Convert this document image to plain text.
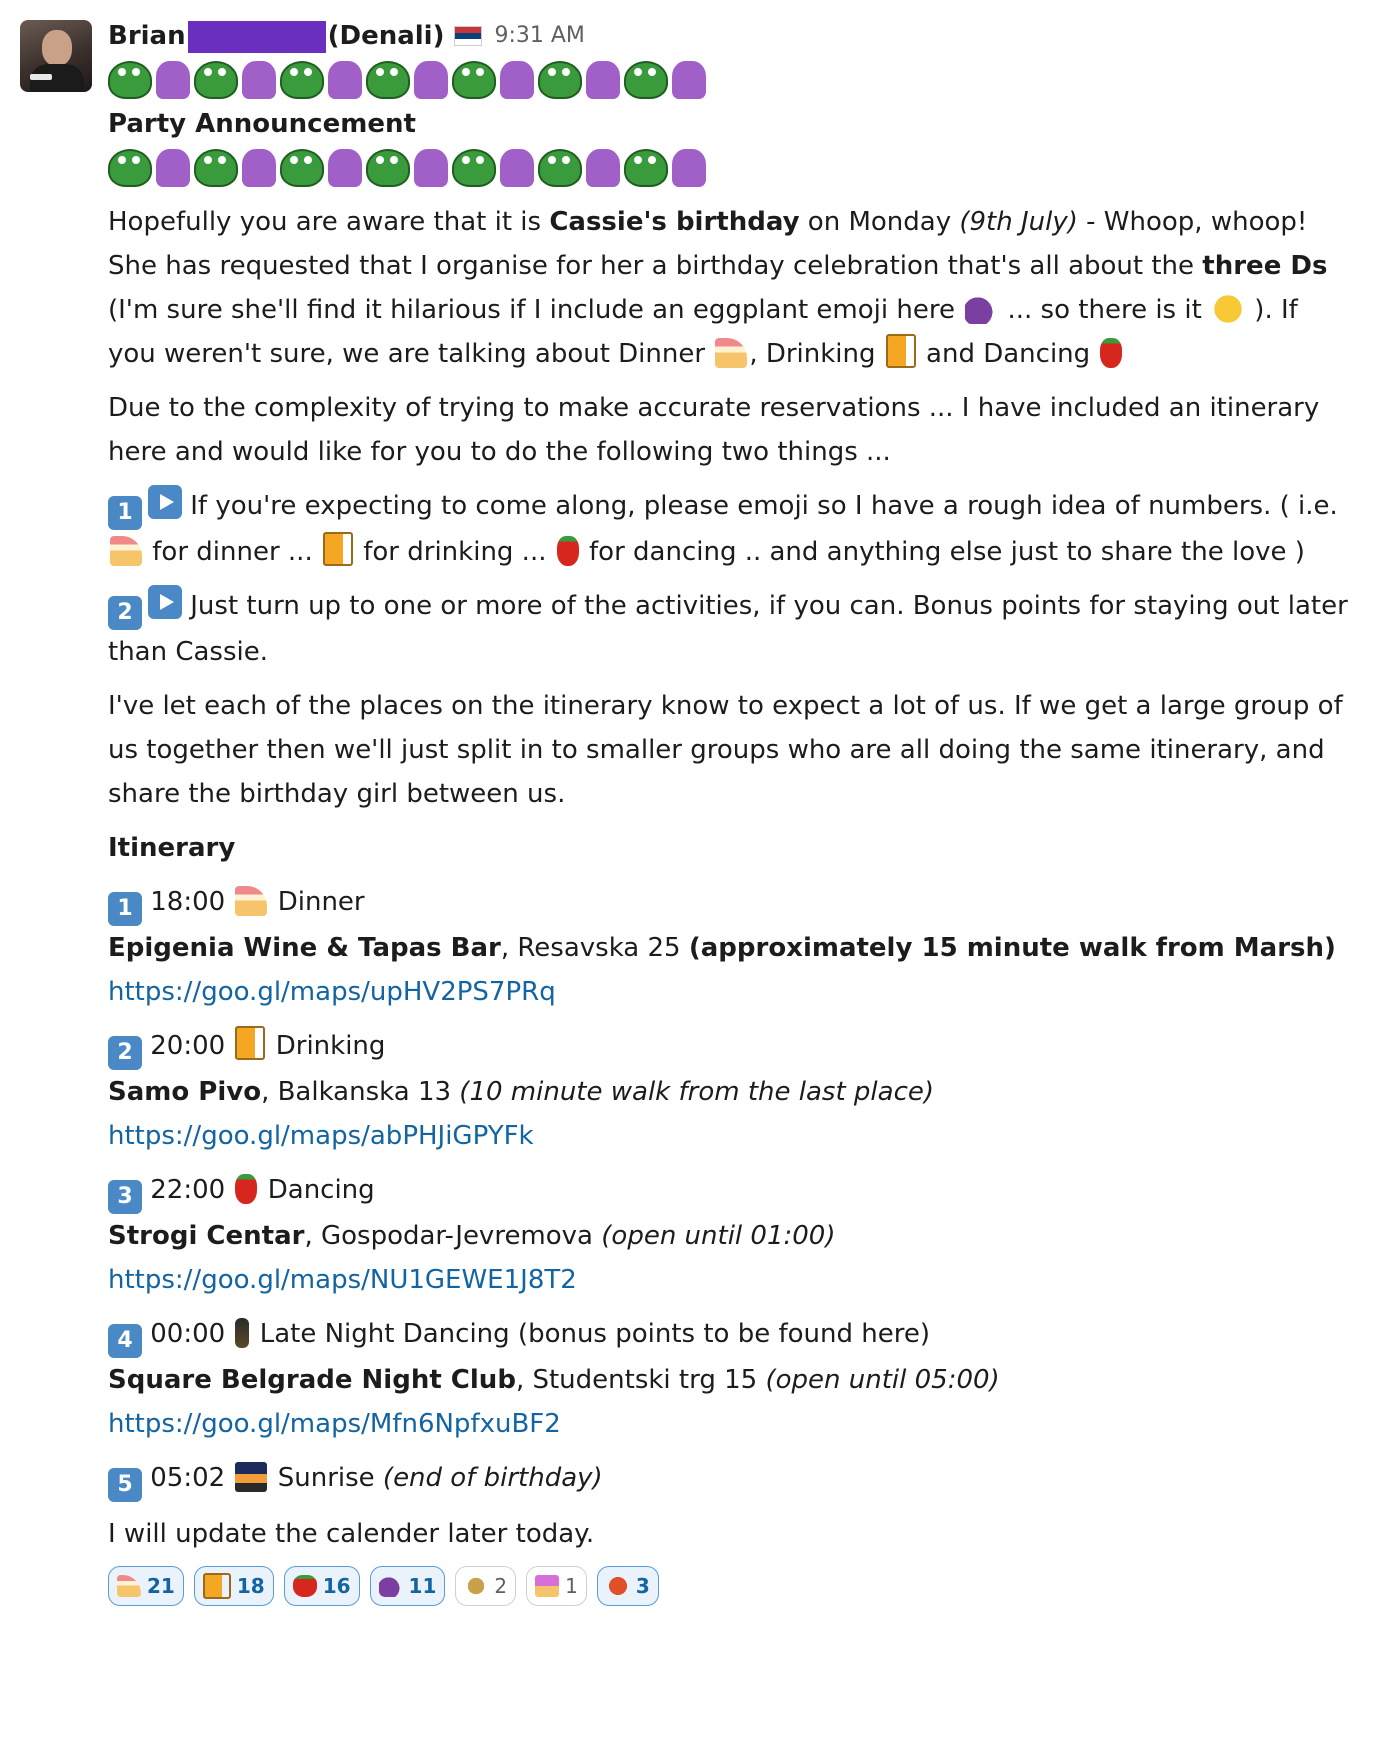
Brian	(Denali) 9:31 AM
Party Announcement

Hopefully you are aware that it is Cassie's birthday on Monday (9th July) - Whoop, whoop! She has requested that I organise for her a birthday celebration that's all about the three Ds (I'm sure she'll find it hilarious if I include an eggplant emoji here  ... so there is it  ). If you weren't sure, we are talking about Dinner , Drinking  and Dancing

Due to the complexity of trying to make accurate reservations ... I have included an itinerary here and would like for you to do the following two things ...

1 If you're expecting to come along, please emoji so I have a rough idea of numbers. ( i.e.  for dinner ...  for drinking ...  for dancing .. and anything else just to share the love )

2 Just turn up to one or more of the activities, if you can. Bonus points for staying out later than Cassie.

I've let each of the places on the itinerary know to expect a lot of us. If we get a large group of us together then we'll just split in to smaller groups who are all doing the same itinerary, and share the birthday girl between us.

Itinerary

1 18:00 Dinner
Epigenia Wine & Tapas Bar, Resavska 25 (approximately 15 minute walk from Marsh)
https://goo.gl/maps/upHV2PS7PRq
2 20:00 Drinking
Samo Pivo, Balkanska 13 (10 minute walk from the last place)
https://goo.gl/maps/abPHJiGPYFk
3 22:00 Dancing
Strogi Centar, Gospodar-Jevremova (open until 01:00)
https://goo.gl/maps/NU1GEWE1J8T2
4 00:00 Late Night Dancing (bonus points to be found here)
Square Belgrade Night Club, Studentski trg 15 (open until 05:00)
https://goo.gl/maps/Mfn6NpfxuBF2
5 05:02 Sunrise (end of birthday)

I will update the calender later today.

21	18	16	11	2	1	3
